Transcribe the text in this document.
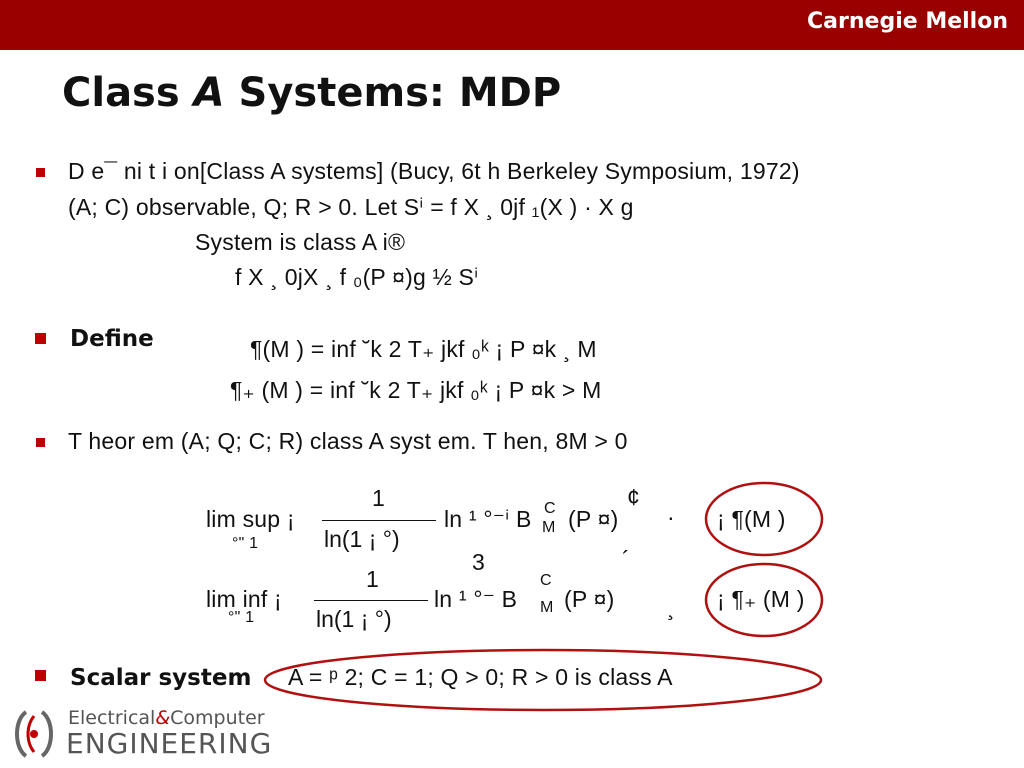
Carnegie Mellon
Class A Systems: MDP
D e¯ ni t i on[Class A systems] (Bucy, 6t h Berkeley Symposium, 1972)
(A; C) observable, Q; R > 0. Let Sⁱ = f X ¸ 0jf ₁(X ) · X g
System is class A i®
f X ¸ 0jX ¸ f ₀(P ¤)g ½ Sⁱ
Define	¶(M ) = inf ˘k 2 T₊ jkf ₀ᵏ ¡ P ¤k ¸ M
¶₊ (M ) = inf ˘k 2 T₊ jkf ₀ᵏ ¡ P ¤k > M
T heor em (A; Q; C; R) class A syst em. T hen, 8M > 0
lim sup ¡
°" 1
1
ln(1 ¡ °)
ln ¹ °⁻ⁱ B C
M (P ¤)
¢
· ¡ ¶(M )
3	´
lim inf ¡
°" 1
1
ln(1 ¡ °)
ln ¹ °⁻ B
C
M (P ¤) ¸ ¡ ¶₊ (M )
Scalar system A = ᵖ 2; C = 1; Q > 0; R > 0 is class A
Electrical&Computer
ENGINEERING
